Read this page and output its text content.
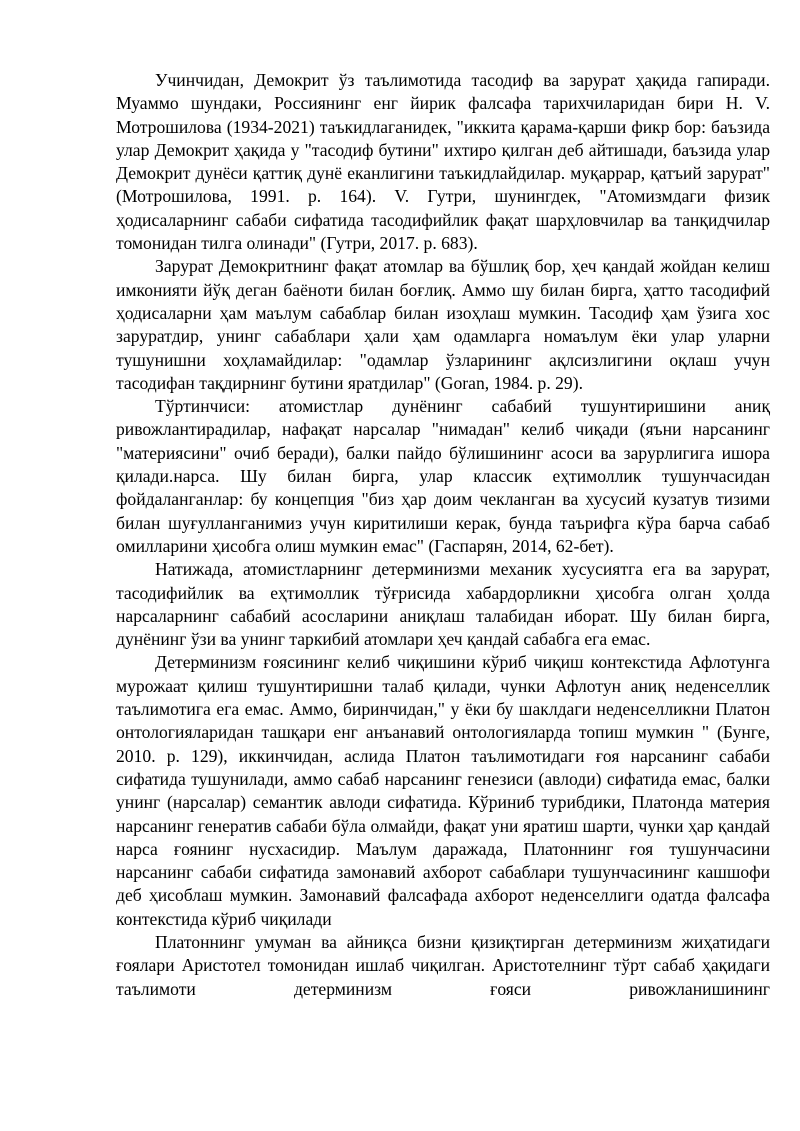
Учинчидан, Демокрит ўз таълимотида тасодиф ва зарурат ҳақида гапиради. Муаммо шундаки, Россиянинг енг йирик фалсафа тарихчиларидан бири Н. V. Мотрошилова (1934-2021) таъкидлаганидек, "иккита қарама-қарши фикр бор: баъзида улар Демокрит ҳақида у "тасодиф бутини" ихтиро қилган деб айтишади, баъзида улар Демокрит дунёси қаттиқ дунё еканлигини таъкидлайдилар. муқаррар, қатъий зарурат" (Мотрошилова, 1991. р. 164). V. Гутри, шунингдек, "Атомизмдаги физик ҳодисаларнинг сабаби сифатида тасодифийлик фақат шарҳловчилар ва танқидчилар томонидан тилга олинади" (Гутри, 2017. р. 683).

Зарурат Демокритнинг фақат атомлар ва бўшлиқ бор, ҳеч қандай жойдан келиш имконияти йўқ деган баёноти билан боғлиқ. Аммо шу билан бирга, ҳатто тасодифий ҳодисаларни ҳам маълум сабаблар билан изоҳлаш мумкин. Тасодиф ҳам ўзига хос заруратдир, унинг сабаблари ҳали ҳам одамларга номаълум ёки улар уларни тушунишни хоҳламайдилар: "одамлар ўзларининг ақлсизлигини оқлаш учун тасодифан тақдирнинг бутини яратдилар" (Goran, 1984. р. 29).

Тўртинчиси: атомистлар дунёнинг сабабий тушунтиришини аниқ ривожлантирадилар, нафақат нарсалар "нимадан" келиб чиқади (яъни нарсанинг "материясини" очиб беради), балки пайдо бўлишининг асоси ва зарурлигига ишора қилади.нарса. Шу билан бирга, улар классик еҳтимоллик тушунчасидан фойдаланганлар: бу концепция "биз ҳар доим чекланган ва хусусий кузатув тизими билан шуғулланганимиз учун киритилиши керак, бунда таърифга кўра барча сабаб омилларини ҳисобга олиш мумкин емас" (Гаспарян, 2014, 62-бет).

Натижада, атомистларнинг детерминизми механик хусусиятга ега ва зарурат, тасодифийлик ва еҳтимоллик тўғрисида хабардорликни ҳисобга олган ҳолда нарсаларнинг сабабий асосларини аниқлаш талабидан иборат. Шу билан бирга, дунёнинг ўзи ва унинг таркибий атомлари ҳеч қандай сабабга ега емас.

Детерминизм ғоясининг келиб чиқишини кўриб чиқиш контекстида Афлотунга мурожаат қилиш тушунтиришни талаб қилади, чунки Афлотун аниқ неденселлик таълимотига ега емас. Аммо, биринчидан," у ёки бу шаклдаги неденселликни Платон онтологияларидан ташқари енг анъанавий онтологияларда топиш мумкин " (Бунге, 2010. р. 129), иккинчидан, аслида Платон таълимотидаги ғоя нарсанинг сабаби сифатида тушунилади, аммо сабаб нарсанинг генезиси (авлоди) сифатида емас, балки унинг (нарсалар) семантик авлоди сифатида. Кўриниб турибдики, Платонда материя нарсанинг генератив сабаби бўла олмайди, фақат уни яратиш шарти, чунки ҳар қандай нарса ғоянинг нусхасидир. Маълум даражада, Платоннинг ғоя тушунчасини нарсанинг сабаби сифатида замонавий ахборот сабаблари тушунчасининг кашшофи деб ҳисоблаш мумкин. Замонавий фалсафада ахборот неденселлиги одатда фалсафа контекстида кўриб чиқилади

Платоннинг умуман ва айниқса бизни қизиқтирган детерминизм жиҳатидаги ғоялари Аристотел томонидан ишлаб чиқилган. Аристотелнинг тўрт сабаб ҳақидаги таълимоти детерминизм ғояси ривожланишининг
